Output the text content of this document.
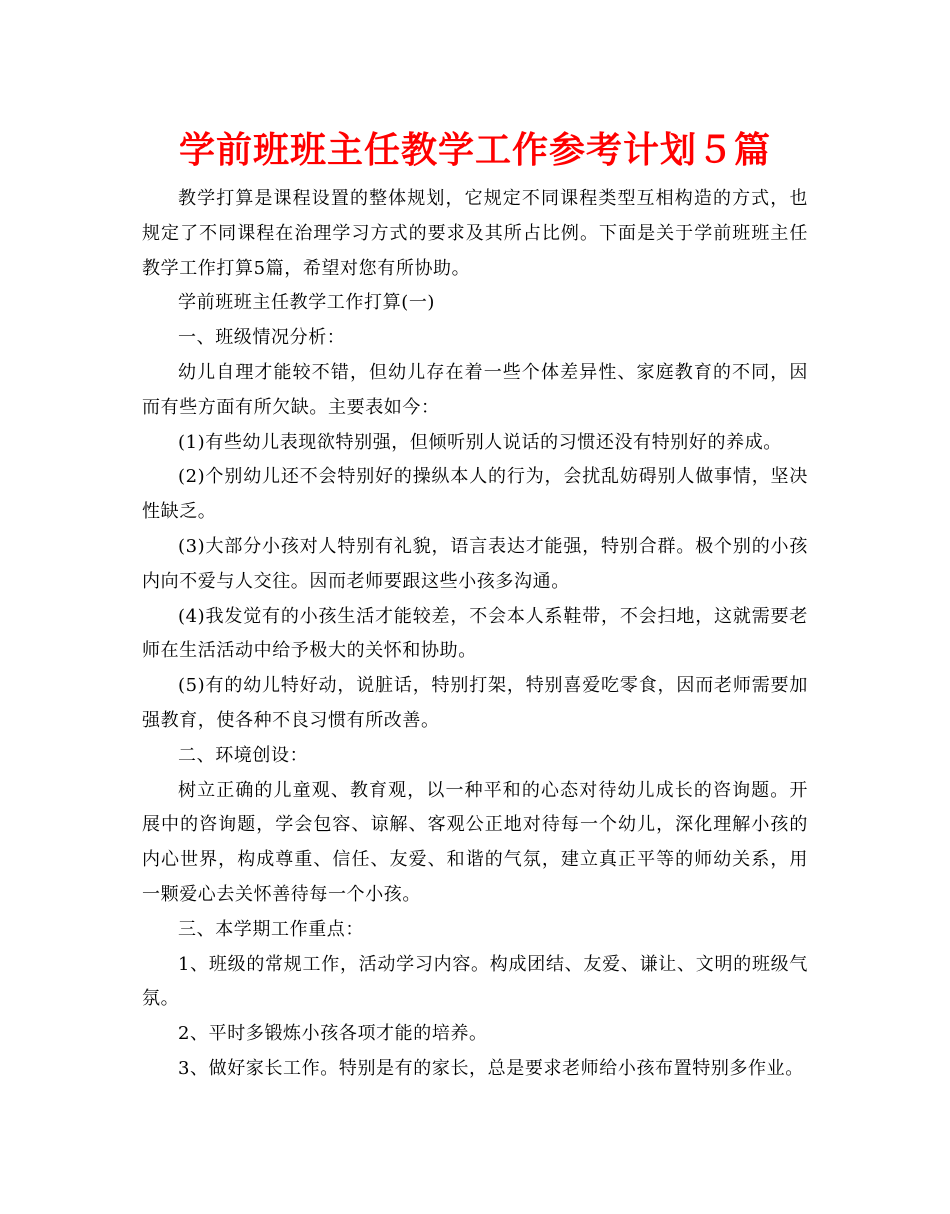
学前班班主任教学工作参考计划５篇

教学打算是课程设置的整体规划，它规定不同课程类型互相构造的方式，也规定了不同课程在治理学习方式的要求及其所占比例。下面是关于学前班班主任教学工作打算5篇，希望对您有所协助。

学前班班主任教学工作打算(一)

一、班级情况分析：

幼儿自理才能较不错，但幼儿存在着一些个体差异性、家庭教育的不同，因而有些方面有所欠缺。主要表如今：

(1)有些幼儿表现欲特别强，但倾听别人说话的习惯还没有特别好的养成。

(2)个别幼儿还不会特别好的操纵本人的行为，会扰乱妨碍别人做事情，坚决性缺乏。

(3)大部分小孩对人特别有礼貌，语言表达才能强，特别合群。极个别的小孩内向不爱与人交往。因而老师要跟这些小孩多沟通。

(4)我发觉有的小孩生活才能较差，不会本人系鞋带，不会扫地，这就需要老师在生活活动中给予极大的关怀和协助。

(5)有的幼儿特好动，说脏话，特别打架，特别喜爱吃零食，因而老师需要加强教育，使各种不良习惯有所改善。

二、环境创设：

树立正确的儿童观、教育观，以一种平和的心态对待幼儿成长的咨询题。开展中的咨询题，学会包容、谅解、客观公正地对待每一个幼儿，深化理解小孩的内心世界，构成尊重、信任、友爱、和谐的气氛，建立真正平等的师幼关系，用一颗爱心去关怀善待每一个小孩。

三、本学期工作重点：

1、班级的常规工作，活动学习内容。构成团结、友爱、谦让、文明的班级气氛。

2、平时多锻炼小孩各项才能的培养。

3、做好家长工作。特别是有的家长，总是要求老师给小孩布置特别多作业。
